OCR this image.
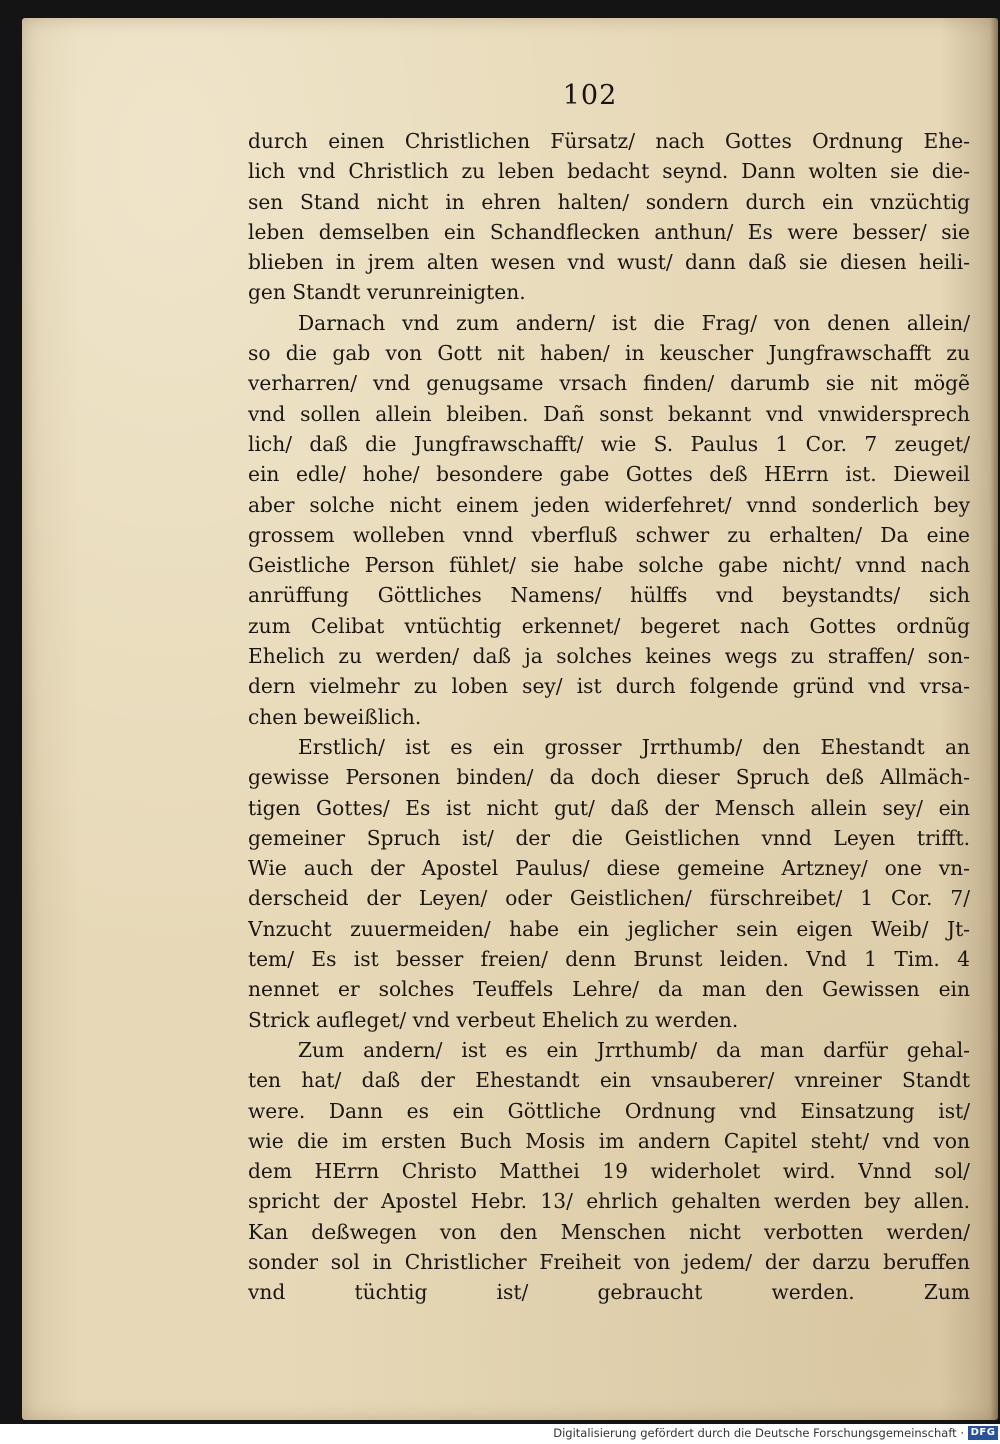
102
durch einen Christlichen Fürsatz/ nach Gottes Ordnung Ehe-
lich vnd Christlich zu leben bedacht seynd. Dann wolten sie die-
sen Stand nicht in ehren halten/ sondern durch ein vnzüchtig
leben demselben ein Schandflecken anthun/ Es were besser/ sie
blieben in jrem alten wesen vnd wust/ dann daß sie diesen heili-
gen Standt verunreinigten.
Darnach vnd zum andern/ ist die Frag/ von denen allein/
so die gab von Gott nit haben/ in keuscher Jungfrawschafft zu
verharren/ vnd genugsame vrsach finden/ darumb sie nit mögẽ
vnd sollen allein bleiben. Dañ sonst bekannt vnd vnwidersprech
lich/ daß die Jungfrawschafft/ wie S. Paulus 1 Cor. 7 zeuget/
ein edle/ hohe/ besondere gabe Gottes deß HErrn ist. Dieweil
aber solche nicht einem jeden widerfehret/ vnnd sonderlich bey
grossem wolleben vnnd vberfluß schwer zu erhalten/ Da eine
Geistliche Person fühlet/ sie habe solche gabe nicht/ vnnd nach
anrüffung Göttliches Namens/ hülffs vnd beystandts/ sich
zum Celibat vntüchtig erkennet/ begeret nach Gottes ordnũg
Ehelich zu werden/ daß ja solches keines wegs zu straffen/ son-
dern vielmehr zu loben sey/ ist durch folgende gründ vnd vrsa-
chen beweißlich.
Erstlich/ ist es ein grosser Jrrthumb/ den Ehestandt an
gewisse Personen binden/ da doch dieser Spruch deß Allmäch-
tigen Gottes/ Es ist nicht gut/ daß der Mensch allein sey/ ein
gemeiner Spruch ist/ der die Geistlichen vnnd Leyen trifft.
Wie auch der Apostel Paulus/ diese gemeine Artzney/ one vn-
derscheid der Leyen/ oder Geistlichen/ fürschreibet/ 1 Cor. 7/
Vnzucht zuuermeiden/ habe ein jeglicher sein eigen Weib/ Jt-
tem/ Es ist besser freien/ denn Brunst leiden. Vnd 1 Tim. 4
nennet er solches Teuffels Lehre/ da man den Gewissen ein
Strick aufleget/ vnd verbeut Ehelich zu werden.
Zum andern/ ist es ein Jrrthumb/ da man darfür gehal-
ten hat/ daß der Ehestandt ein vnsauberer/ vnreiner Standt
were. Dann es ein Göttliche Ordnung vnd Einsatzung ist/
wie die im ersten Buch Mosis im andern Capitel steht/ vnd von
dem HErrn Christo Matthei 19 widerholet wird. Vnnd sol/
spricht der Apostel Hebr. 13/ ehrlich gehalten werden bey allen.
Kan deßwegen von den Menschen nicht verbotten werden/
sonder sol in Christlicher Freiheit von jedem/ der darzu beruffen
vnd tüchtig ist/ gebraucht werden. Zum
Digitalisierung gefördert durch die Deutsche Forschungsgemeinschaft · DFG
